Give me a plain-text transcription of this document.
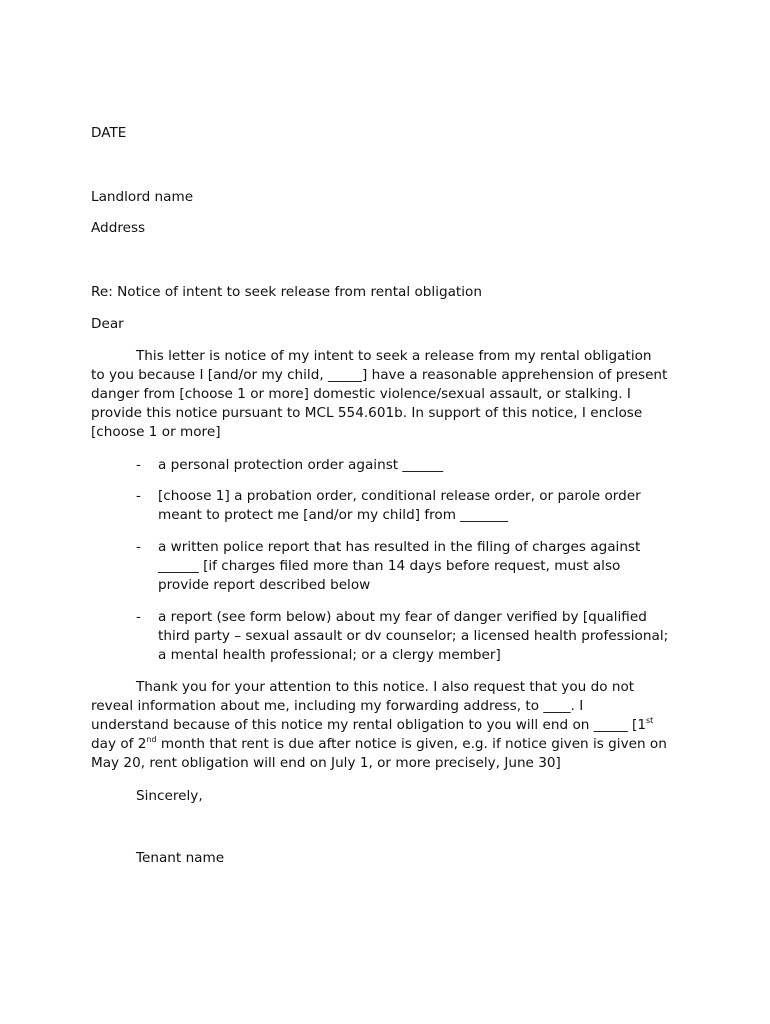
DATE

Landlord name

Address

Re: Notice of intent to seek release from rental obligation

Dear

This letter is notice of my intent to seek a release from my rental obligation
to you because I [and/or my child, _____] have a reasonable apprehension of present
danger from [choose 1 or more] domestic violence/sexual assault, or stalking. I
provide this notice pursuant to MCL 554.601b. In support of this notice, I enclose
[choose 1 or more]
- a personal protection order against ______
- [choose 1] a probation order, conditional release order, or parole order
meant to protect me [and/or my child] from _______
- a written police report that has resulted in the filing of charges against
______ [if charges filed more than 14 days before request, must also
provide report described below
- a report (see form below) about my fear of danger verified by [qualified
third party – sexual assault or dv counselor; a licensed health professional;
a mental health professional; or a clergy member]
Thank you for your attention to this notice. I also request that you do not
reveal information about me, including my forwarding address, to ____. I
understand because of this notice my rental obligation to you will end on _____ [1st
day of 2nd month that rent is due after notice is given, e.g. if notice given is given on
May 20, rent obligation will end on July 1, or more precisely, June 30]

Sincerely,

Tenant name
